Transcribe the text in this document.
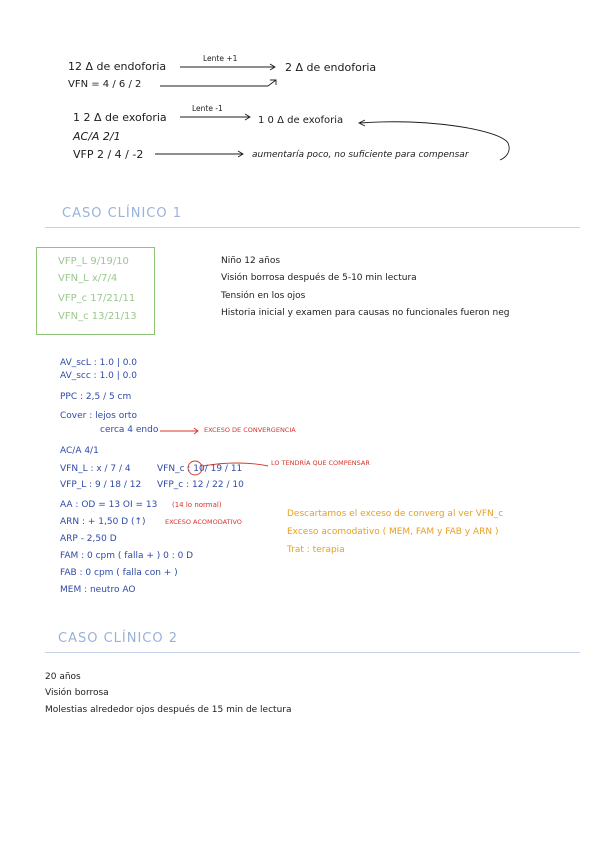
12 Δ de endoforia
Lente +1
2 Δ de endoforia
VFN = 4 / 6 / 2
1 2 Δ de exoforia
Lente -1
1 0 Δ de exoforia
AC/A 2/1
VFP 2 / 4 / -2	aumentaría poco, no suficiente para compensar
CASO CLÍNICO 1
VFP_L 9/19/10
VFN_L x/7/4
VFP_c 17/21/11
VFN_c 13/21/13
Niño 12 años
Visión borrosa después de 5-10 min lectura
Tensión en los ojos
Historia inicial y examen para causas no funcionales fueron neg
AV_scL : 1.0 | 0.0
AV_scc : 1.0 | 0.0
PPC : 2,5 / 5 cm
Cover : lejos orto
cerca 4 endo	EXCESO DE CONVERGENCIA
AC/A 4/1
VFN_L : x / 7 / 4	VFN_c : 10/ 19 / 11
LO TENDRÍA QUE COMPENSAR
VFP_L : 9 / 18 / 12 VFP_c : 12 / 22 / 10
AA : OD = 13 OI = 13 (14 lo normal)
ARN : + 1,50 D (↑)	EXCESO ACOMODATIVO
ARP - 2,50 D
FAM : 0 cpm ( falla + ) 0 : 0 D
FAB : 0 cpm ( falla con + )
MEM : neutro AO
Descartamos el exceso de converg al ver VFN_c
Exceso acomodativo ( MEM, FAM y FAB y ARN )
Trat : terapia
CASO CLÍNICO 2
20 años
Visión borrosa
Molestias alrededor ojos después de 15 min de lectura
